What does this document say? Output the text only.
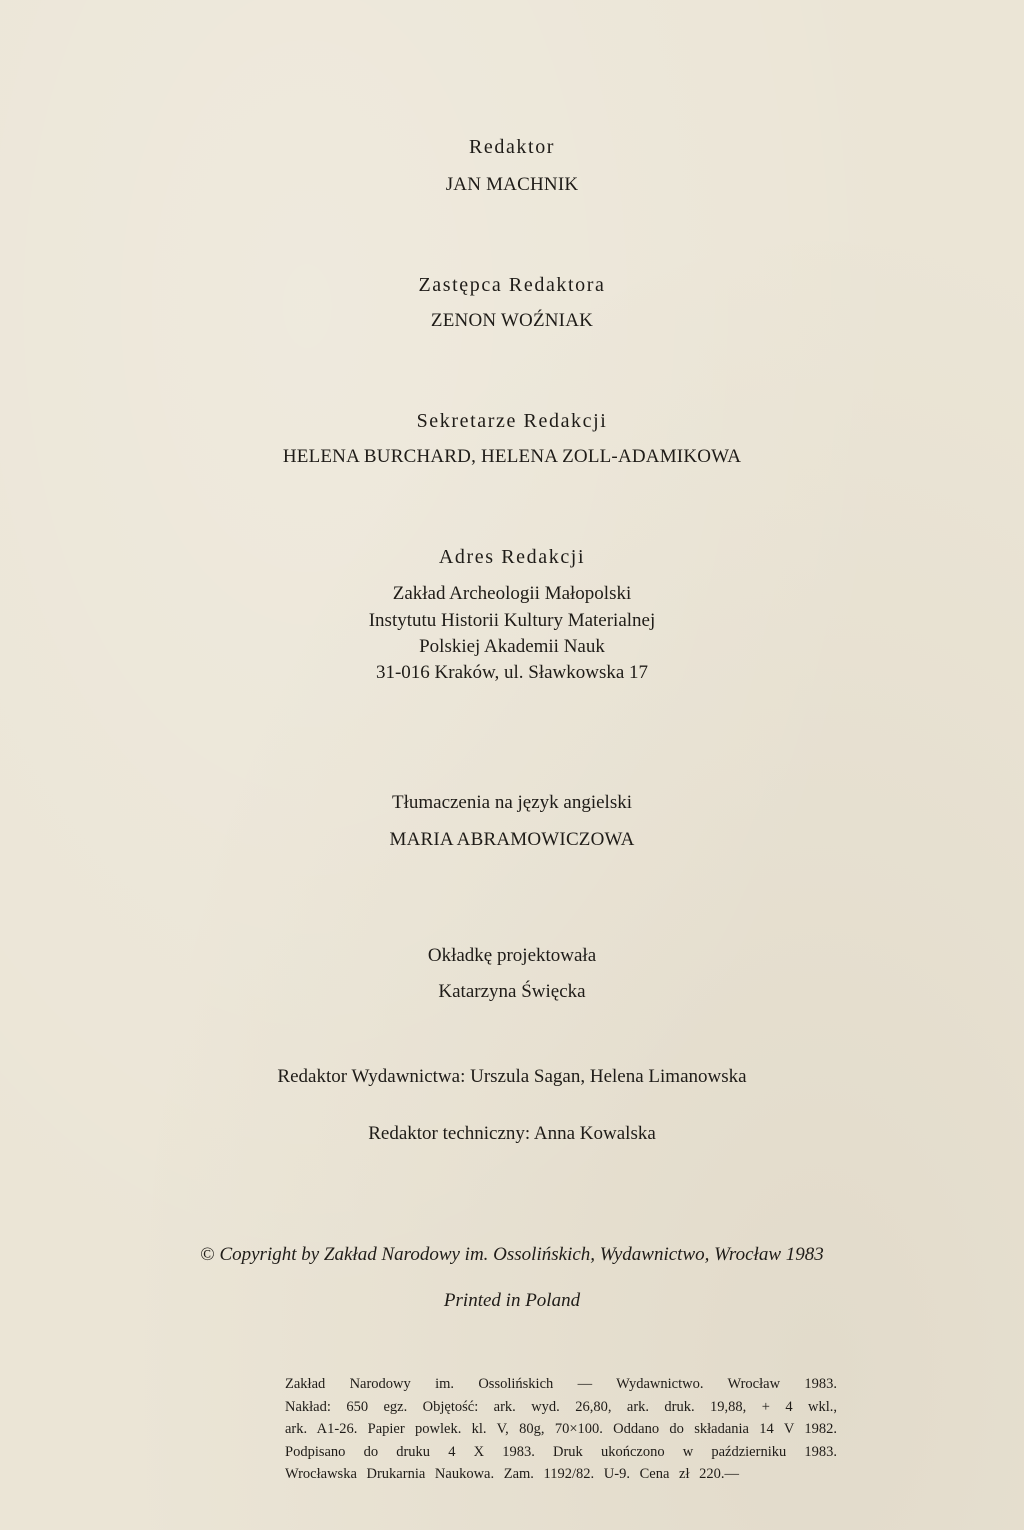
Redaktor
JAN MACHNIK
Zastępca Redaktora
ZENON WOŹNIAK
Sekretarze Redakcji
HELENA BURCHARD, HELENA ZOLL-ADAMIKOWA
Adres Redakcji
Zakład Archeologii Małopolski
Instytutu Historii Kultury Materialnej
Polskiej Akademii Nauk
31-016 Kraków, ul. Sławkowska 17
Tłumaczenia na język angielski
MARIA ABRAMOWICZOWA
Okładkę projektowała
Katarzyna Święcka
Redaktor Wydawnictwa: Urszula Sagan, Helena Limanowska
Redaktor techniczny: Anna Kowalska
© Copyright by Zakład Narodowy im. Ossolińskich, Wydawnictwo, Wrocław 1983
Printed in Poland
Zakład Narodowy im. Ossolińskich — Wydawnictwo. Wrocław 1983.
Nakład: 650 egz. Objętość: ark. wyd. 26,80, ark. druk. 19,88, + 4 wkl.,
ark. A1-26. Papier powlek. kl. V, 80g, 70×100. Oddano do składania 14 V 1982.
Podpisano do druku 4 X 1983. Druk ukończono w październiku 1983.
Wrocławska Drukarnia Naukowa. Zam. 1192/82. U-9. Cena zł 220.—
